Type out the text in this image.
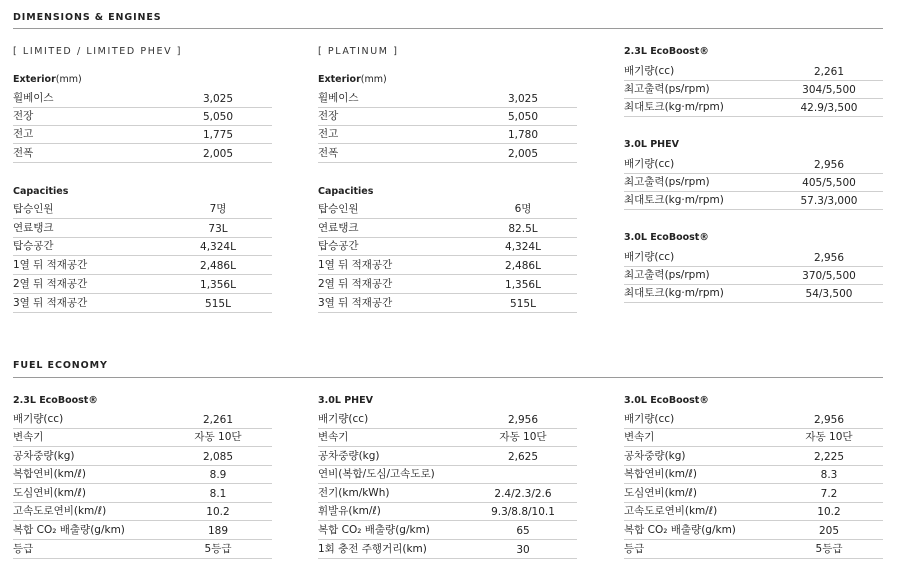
DIMENSIONS & ENGINES
[ LIMITED / LIMITED PHEV ]
Exterior(mm)
휠베이스	3,025
전장	5,050
전고	1,775
전폭	2,005
Capacities
탑승인원	7명
연료탱크	73L
탑승공간	4,324L
1열 뒤 적재공간	2,486L
2열 뒤 적재공간	1,356L
3열 뒤 적재공간	515L
[ PLATINUM ]
Exterior(mm)
휠베이스	3,025
전장	5,050
전고	1,780
전폭	2,005
Capacities
탑승인원	6명
연료탱크	82.5L
탑승공간	4,324L
1열 뒤 적재공간	2,486L
2열 뒤 적재공간	1,356L
3열 뒤 적재공간	515L
2.3L EcoBoost®
배기량(cc)	2,261
최고출력(ps/rpm)	304/5,500
최대토크(kg·m/rpm)	42.9/3,500
3.0L PHEV
배기량(cc)	2,956
최고출력(ps/rpm)	405/5,500
최대토크(kg·m/rpm)	57.3/3,000
3.0L EcoBoost®
배기량(cc)	2,956
최고출력(ps/rpm)	370/5,500
최대토크(kg·m/rpm)	54/3,500
FUEL ECONOMY
2.3L EcoBoost®
배기량(cc)	2,261
변속기	자동 10단
공차중량(kg)	2,085
복합연비(km/ℓ)	8.9
도심연비(km/ℓ)	8.1
고속도로연비(km/ℓ)	10.2
복합 CO₂ 배출량(g/km)	189
등급	5등급
3.0L PHEV
배기량(cc)	2,956
변속기	자동 10단
공차중량(kg)	2,625
연비(복합/도심/고속도로)
전기(km/kWh)	2.4/2.3/2.6
휘발유(km/ℓ)	9.3/8.8/10.1
복합 CO₂ 배출량(g/km)	65
1회 충전 주행거리(km)	30
3.0L EcoBoost®
배기량(cc)	2,956
변속기	자동 10단
공차중량(kg)	2,225
복합연비(km/ℓ)	8.3
도심연비(km/ℓ)	7.2
고속도로연비(km/ℓ)	10.2
복합 CO₂ 배출량(g/km)	205
등급	5등급
